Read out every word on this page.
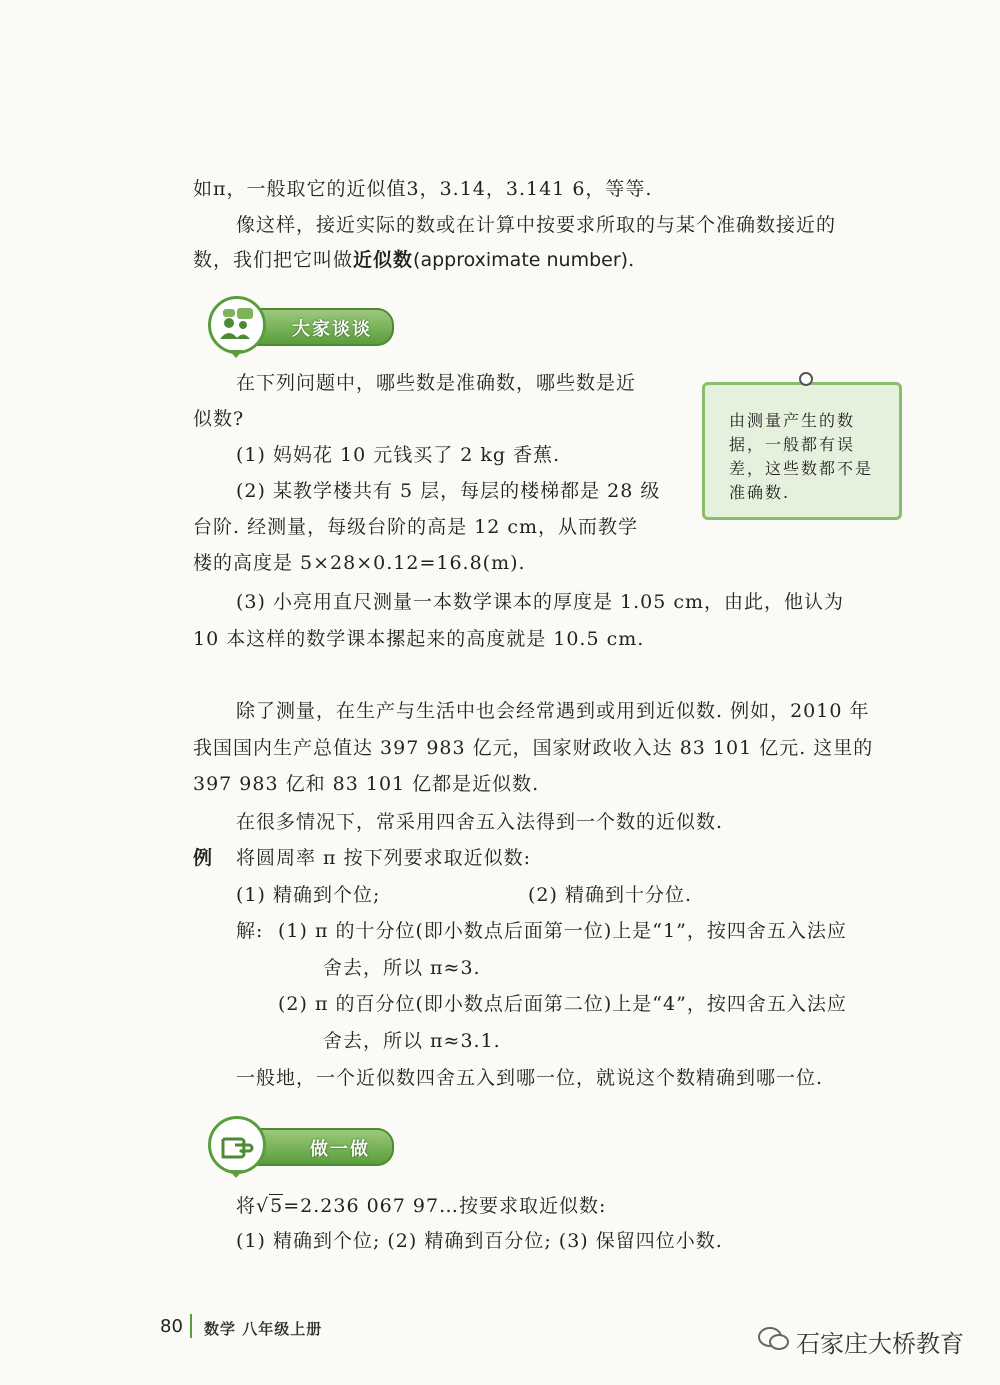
如π，一般取它的近似值3，3.14，3.141 6，等等.
像这样，接近实际的数或在计算中按要求所取的与某个准确数接近的
数，我们把它叫做近似数(approximate number).
大家谈谈
在下列问题中，哪些数是准确数，哪些数是近
似数?
(1) 妈妈花 10 元钱买了 2 kg 香蕉.
(2) 某教学楼共有 5 层，每层的楼梯都是 28 级
台阶. 经测量，每级台阶的高是 12 cm，从而教学
楼的高度是 5×28×0.12=16.8(m).
(3) 小亮用直尺测量一本数学课本的厚度是 1.05 cm，由此，他认为
10 本这样的数学课本摞起来的高度就是 10.5 cm.
由测量产生的数据，一般都有误差，这些数都不是准确数.
除了测量，在生产与生活中也会经常遇到或用到近似数. 例如，2010 年
我国国内生产总值达 397 983 亿元，国家财政收入达 83 101 亿元. 这里的
397 983 亿和 83 101 亿都是近似数.
在很多情况下，常采用四舍五入法得到一个数的近似数.
例 将圆周率 π 按下列要求取近似数:
(1) 精确到个位;	(2) 精确到十分位.
解: (1) π 的十分位(即小数点后面第一位)上是“1”，按四舍五入法应
舍去，所以 π≈3.
(2) π 的百分位(即小数点后面第二位)上是“4”，按四舍五入法应
舍去，所以 π≈3.1.
一般地，一个近似数四舍五入到哪一位，就说这个数精确到哪一位.
做一做
将√5=2.236 067 97…按要求取近似数:
(1) 精确到个位; (2) 精确到百分位; (3) 保留四位小数.
80 数学 八年级上册
石家庄大桥教育
